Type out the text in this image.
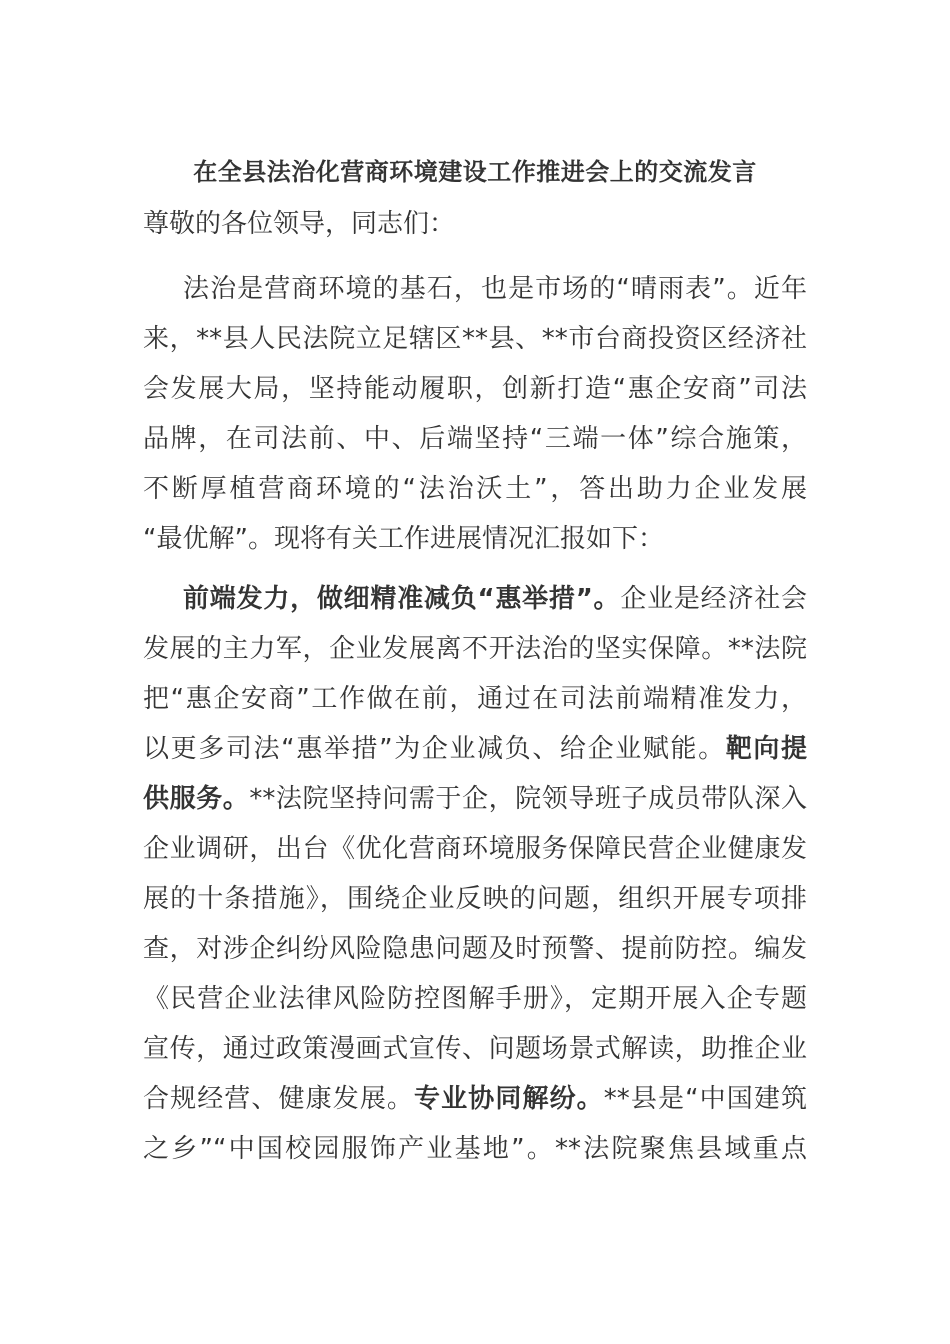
在全县法治化营商环境建设工作推进会上的交流发言
尊敬的各位领导，同志们：
法治是营商环境的基石，也是市场的“晴雨表”。近年
来，**县人民法院立足辖区**县、**市台商投资区经济社
会发展大局，坚持能动履职，创新打造“惠企安商”司法
品牌，在司法前、中、后端坚持“三端一体”综合施策，
不断厚植营商环境的“法治沃土”，答出助力企业发展
“最优解”。现将有关工作进展情况汇报如下：
前端发力，做细精准减负“惠举措”。企业是经济社会
发展的主力军，企业发展离不开法治的坚实保障。**法院
把“惠企安商”工作做在前，通过在司法前端精准发力，
以更多司法“惠举措”为企业减负、给企业赋能。靶向提
供服务。**法院坚持问需于企，院领导班子成员带队深入
企业调研，出台《优化营商环境服务保障民营企业健康发
展的十条措施》，围绕企业反映的问题，组织开展专项排
查，对涉企纠纷风险隐患问题及时预警、提前防控。编发
《民营企业法律风险防控图解手册》，定期开展入企专题
宣传，通过政策漫画式宣传、问题场景式解读，助推企业
合规经营、健康发展。专业协同解纷。**县是“中国建筑
之乡”“中国校园服饰产业基地”。**法院聚焦县域重点
